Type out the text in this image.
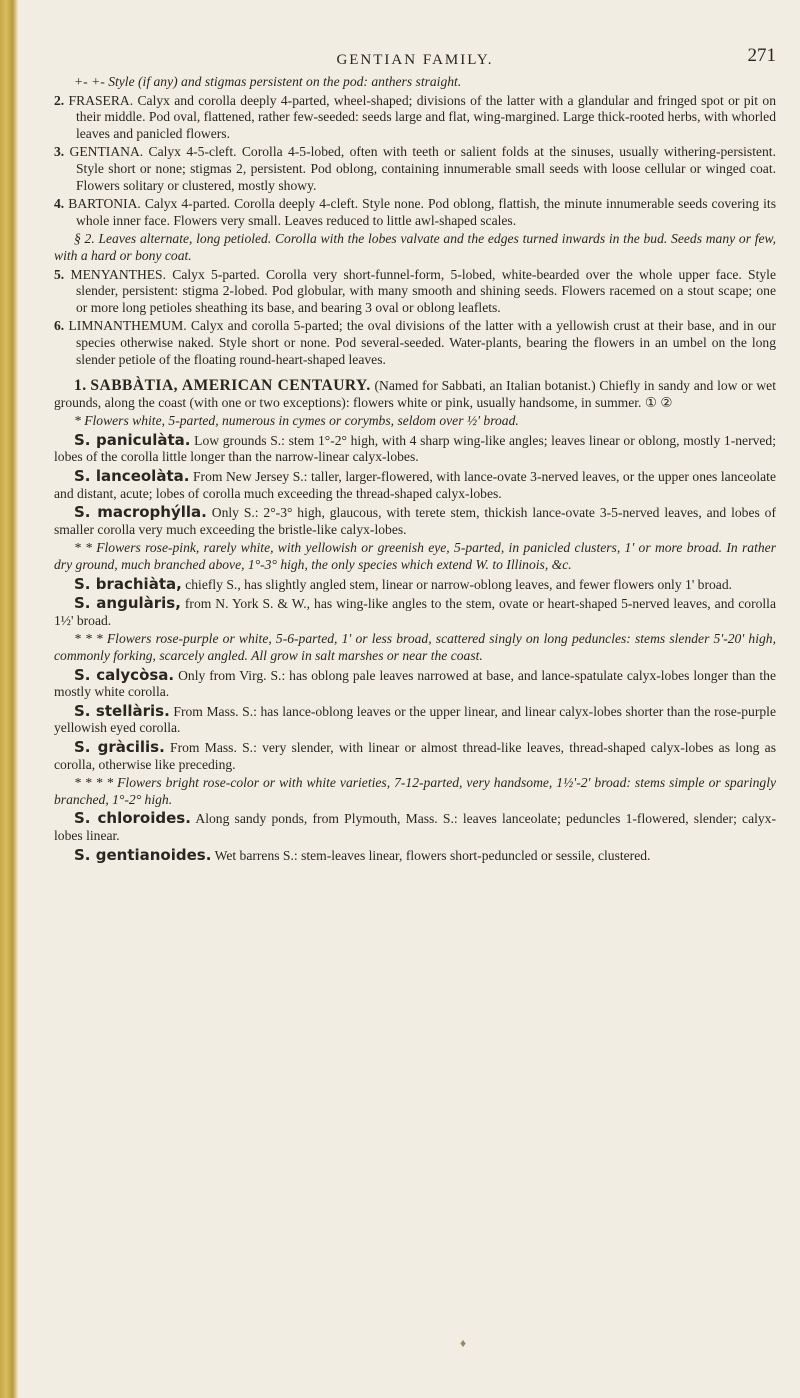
GENTIAN FAMILY.	271

+- +- Style (if any) and stigmas persistent on the pod: anthers straight.

2. FRASERA. Calyx and corolla deeply 4-parted, wheel-shaped; divisions of the latter with a glandular and fringed spot or pit on their middle. Pod oval, flattened, rather few-seeded: seeds large and flat, wing-margined. Large thick-rooted herbs, with whorled leaves and panicled flowers.

3. GENTIANA. Calyx 4-5-cleft. Corolla 4-5-lobed, often with teeth or salient folds at the sinuses, usually withering-persistent. Style short or none; stigmas 2, persistent. Pod oblong, containing innumerable small seeds with loose cellular or winged coat. Flowers solitary or clustered, mostly showy.

4. BARTONIA. Calyx 4-parted. Corolla deeply 4-cleft. Style none. Pod oblong, flattish, the minute innumerable seeds covering its whole inner face. Flowers very small. Leaves reduced to little awl-shaped scales.

§ 2. Leaves alternate, long petioled. Corolla with the lobes valvate and the edges turned inwards in the bud. Seeds many or few, with a hard or bony coat.

5. MENYANTHES. Calyx 5-parted. Corolla very short-funnel-form, 5-lobed, white-bearded over the whole upper face. Style slender, persistent: stigma 2-lobed. Pod globular, with many smooth and shining seeds. Flowers racemed on a stout scape; one or more long petioles sheathing its base, and bearing 3 oval or oblong leaflets.

6. LIMNANTHEMUM. Calyx and corolla 5-parted; the oval divisions of the latter with a yellowish crust at their base, and in our species otherwise naked. Style short or none. Pod several-seeded. Water-plants, bearing the flowers in an umbel on the long slender petiole of the floating round-heart-shaped leaves.

1. SABBÀTIA, AMERICAN CENTAURY. (Named for Sabbati, an Italian botanist.) Chiefly in sandy and low or wet grounds, along the coast (with one or two exceptions): flowers white or pink, usually handsome, in summer. ① ②

* Flowers white, 5-parted, numerous in cymes or corymbs, seldom over ½' broad.

S. paniculàta. Low grounds S.: stem 1°-2° high, with 4 sharp wing-like angles; leaves linear or oblong, mostly 1-nerved; lobes of the corolla little longer than the narrow-linear calyx-lobes.

S. lanceolàta. From New Jersey S.: taller, larger-flowered, with lance-ovate 3-nerved leaves, or the upper ones lanceolate and distant, acute; lobes of corolla much exceeding the thread-shaped calyx-lobes.

S. macrophýlla. Only S.: 2°-3° high, glaucous, with terete stem, thickish lance-ovate 3-5-nerved leaves, and lobes of smaller corolla very much exceeding the bristle-like calyx-lobes.

* * Flowers rose-pink, rarely white, with yellowish or greenish eye, 5-parted, in panicled clusters, 1' or more broad. In rather dry ground, much branched above, 1°-3° high, the only species which extend W. to Illinois, &c.

S. brachiàta, chiefly S., has slightly angled stem, linear or narrow-oblong leaves, and fewer flowers only 1' broad.

S. angulàris, from N. York S. & W., has wing-like angles to the stem, ovate or heart-shaped 5-nerved leaves, and corolla 1½' broad.

* * * Flowers rose-purple or white, 5-6-parted, 1' or less broad, scattered singly on long peduncles: stems slender 5'-20' high, commonly forking, scarcely angled. All grow in salt marshes or near the coast.

S. calycòsa. Only from Virg. S.: has oblong pale leaves narrowed at base, and lance-spatulate calyx-lobes longer than the mostly white corolla.

S. stellàris. From Mass. S.: has lance-oblong leaves or the upper linear, and linear calyx-lobes shorter than the rose-purple yellowish eyed corolla.

S. gràcilis. From Mass. S.: very slender, with linear or almost thread-like leaves, thread-shaped calyx-lobes as long as corolla, otherwise like preceding.

* * * * Flowers bright rose-color or with white varieties, 7-12-parted, very handsome, 1½'-2' broad: stems simple or sparingly branched, 1°-2° high.

S. chloroides. Along sandy ponds, from Plymouth, Mass. S.: leaves lanceolate; peduncles 1-flowered, slender; calyx-lobes linear.

S. gentianoides. Wet barrens S.: stem-leaves linear, flowers short-peduncled or sessile, clustered.

♦
